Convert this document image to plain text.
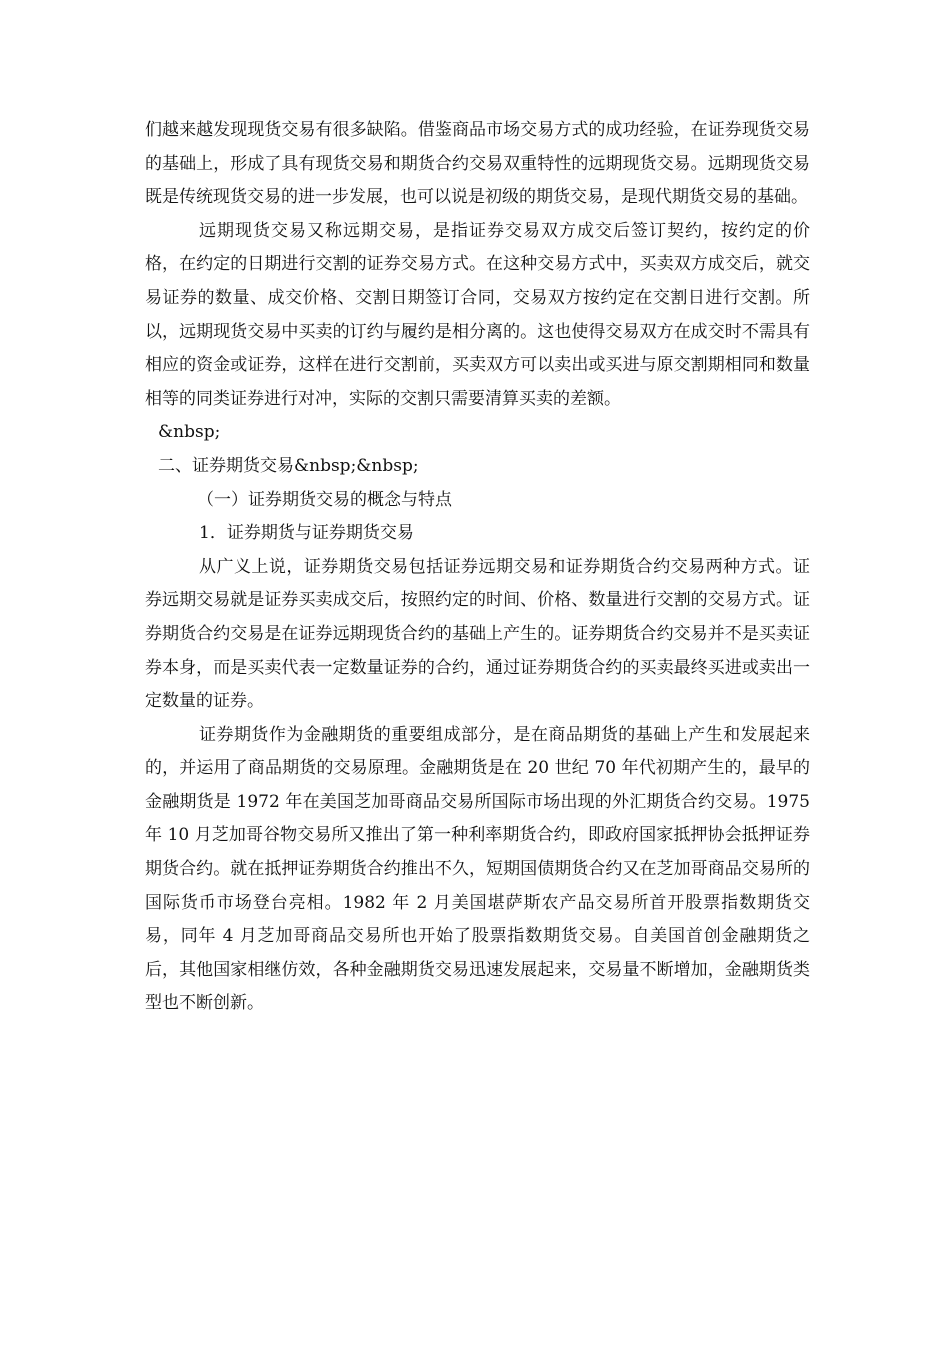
们越来越发现现货交易有很多缺陷。借鉴商品市场交易方式的成功经验，在证券现货交易的基础上，形成了具有现货交易和期货合约交易双重特性的远期现货交易。远期现货交易既是传统现货交易的进一步发展，也可以说是初级的期货交易，是现代期货交易的基础。

远期现货交易又称远期交易，是指证券交易双方成交后签订契约，按约定的价格，在约定的日期进行交割的证券交易方式。在这种交易方式中，买卖双方成交后，就交易证券的数量、成交价格、交割日期签订合同，交易双方按约定在交割日进行交割。所以，远期现货交易中买卖的订约与履约是相分离的。这也使得交易双方在成交时不需具有相应的资金或证券，这样在进行交割前，买卖双方可以卖出或买进与原交割期相同和数量相等的同类证券进行对冲，实际的交割只需要清算买卖的差额。

&nbsp;

二、证券期货交易&nbsp;&nbsp;

（一）证券期货交易的概念与特点

1．证券期货与证券期货交易

从广义上说，证券期货交易包括证券远期交易和证券期货合约交易两种方式。证券远期交易就是证券买卖成交后，按照约定的时间、价格、数量进行交割的交易方式。证券期货合约交易是在证券远期现货合约的基础上产生的。证券期货合约交易并不是买卖证券本身，而是买卖代表一定数量证券的合约，通过证券期货合约的买卖最终买进或卖出一定数量的证券。

证券期货作为金融期货的重要组成部分，是在商品期货的基础上产生和发展起来的，并运用了商品期货的交易原理。金融期货是在 20 世纪 70 年代初期产生的，最早的金融期货是 1972 年在美国芝加哥商品交易所国际市场出现的外汇期货合约交易。1975 年 10 月芝加哥谷物交易所又推出了第一种利率期货合约，即政府国家抵押协会抵押证券期货合约。就在抵押证券期货合约推出不久，短期国债期货合约又在芝加哥商品交易所的国际货币市场登台亮相。1982 年 2 月美国堪萨斯农产品交易所首开股票指数期货交易，同年 4 月芝加哥商品交易所也开始了股票指数期货交易。自美国首创金融期货之后，其他国家相继仿效，各种金融期货交易迅速发展起来，交易量不断增加，金融期货类型也不断创新。
